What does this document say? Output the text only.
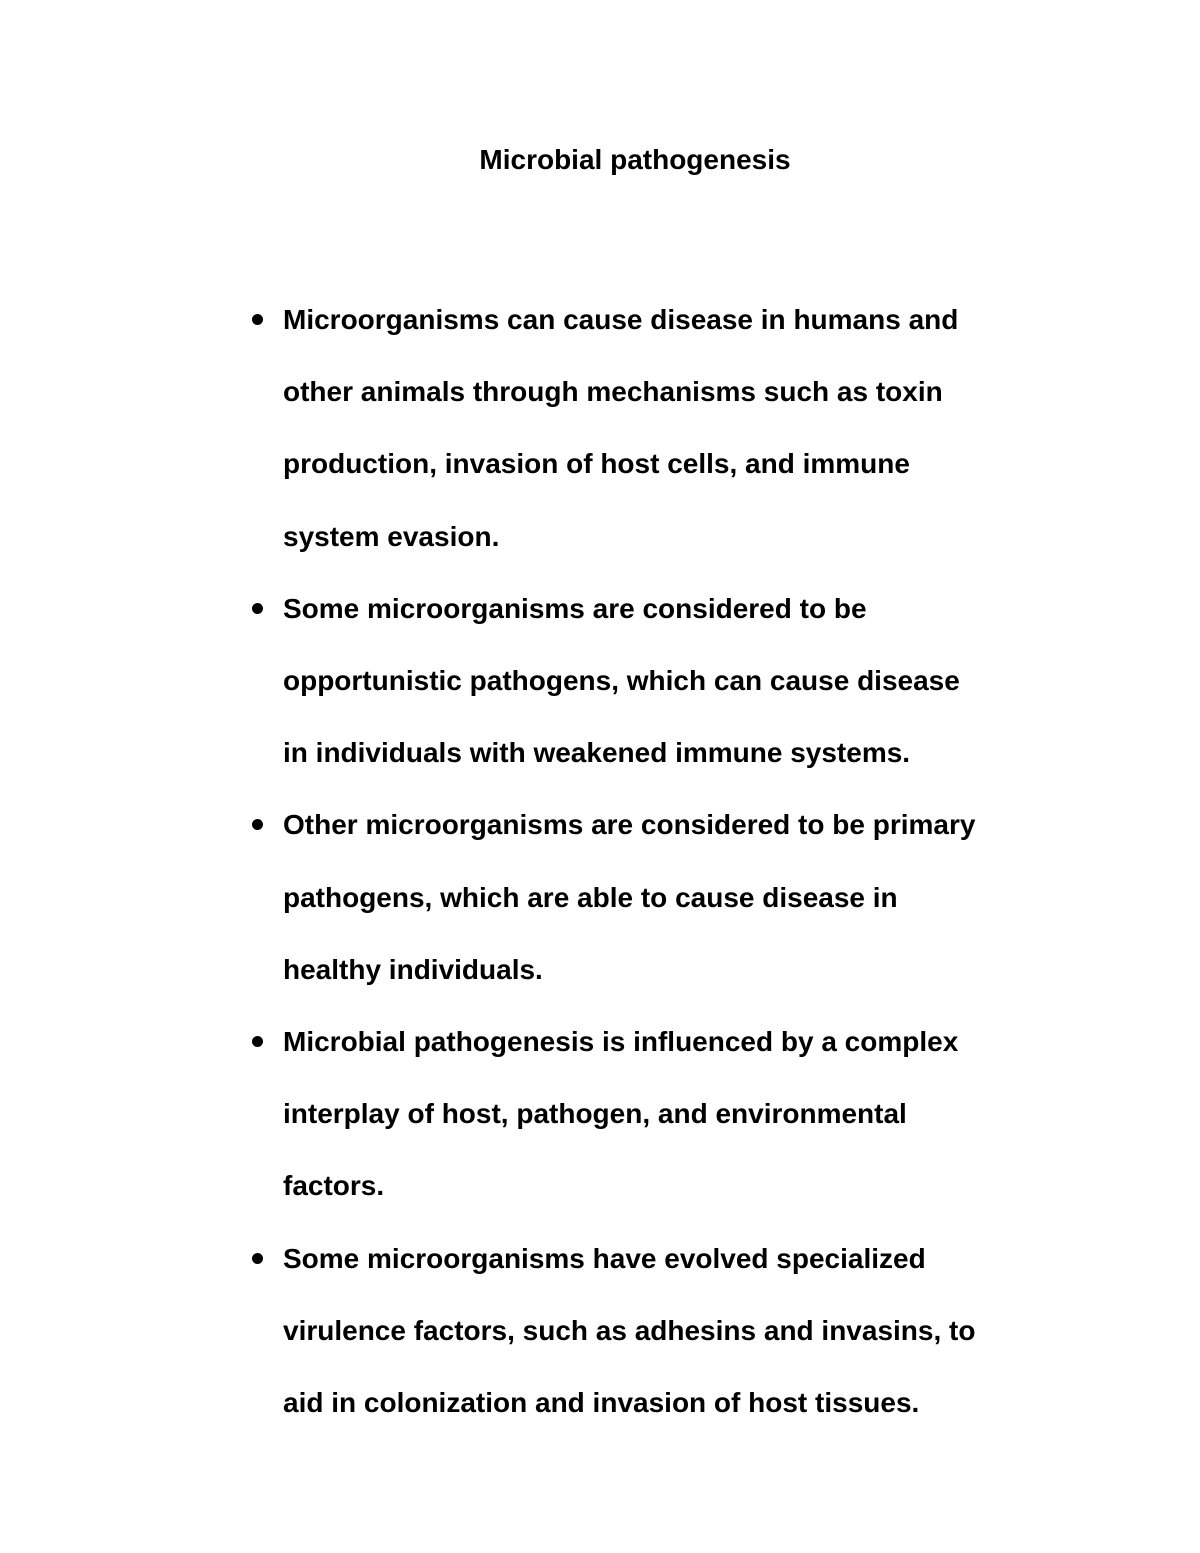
Microbial pathogenesis
Microorganisms can cause disease in humans and
other animals through mechanisms such as toxin
production, invasion of host cells, and immune
system evasion.
Some microorganisms are considered to be
opportunistic pathogens, which can cause disease
in individuals with weakened immune systems.
Other microorganisms are considered to be primary
pathogens, which are able to cause disease in
healthy individuals.
Microbial pathogenesis is influenced by a complex
interplay of host, pathogen, and environmental
factors.
Some microorganisms have evolved specialized
virulence factors, such as adhesins and invasins, to
aid in colonization and invasion of host tissues.
